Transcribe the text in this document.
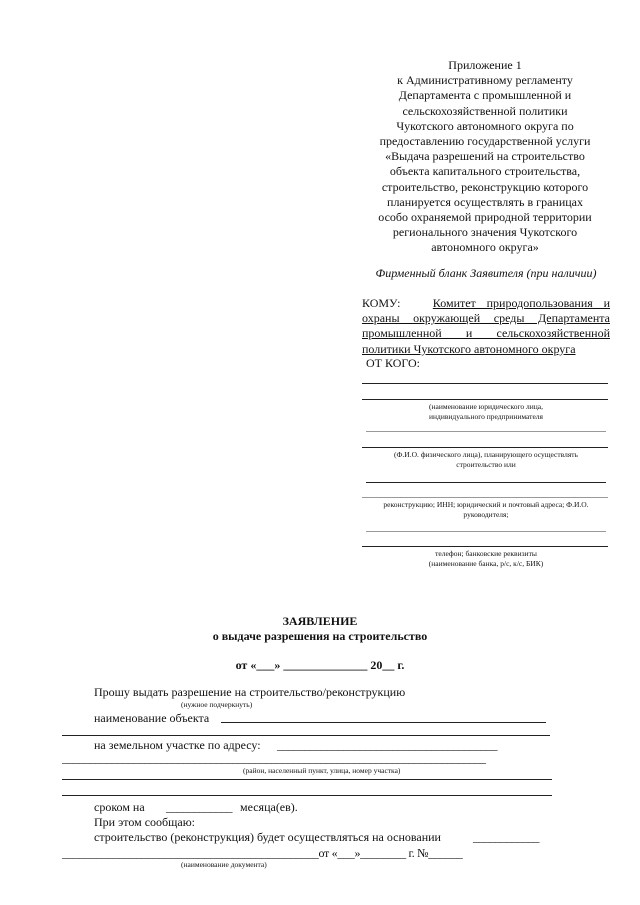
Приложение 1
к Административному регламенту
Департамента с промышленной и
сельскохозяйственной политики
Чукотского автономного округа по
предоставлению государственной услуги
«Выдача разрешений на строительство
объекта капитального строительства,
строительство, реконструкцию которого
планируется осуществлять в границах
особо охраняемой природной территории
регионального значения Чукотского
автономного округа»
Фирменный бланк Заявителя (при наличии)
КОМУ:	Комитет природопользования и охраны окружающей среды Департамента промышленной и сельскохозяйственной политики Чукотского автономного округа
ОТ КОГО:
(наименование юридического лица,
индивидуального предпринимателя
(Ф.И.О. физического лица), планирующего осуществлять
строительство или
реконструкцию; ИНН; юридический и почтовый адреса; Ф.И.О.
руководителя;
телефон; банковские реквизиты
(наименование банка, р/с, к/с, БИК)
ЗАЯВЛЕНИЕ
о выдаче разрешения на строительство
от «___» ______________ 20__ г.
Прошу выдать разрешение на строительство/реконструкцию
(нужное подчеркнуть)
наименование объекта
на земельном участке по адресу: ________________________________________
_____________________________________________________________________________
(район, населенный пункт, улица, номер участка)
сроком на ____________ месяца(ев).
При этом сообщаю:
строительство (реконструкция) будет осуществляться на основании	____________
_____________________________________________от «___»________ г. №______
(наименование документа)
